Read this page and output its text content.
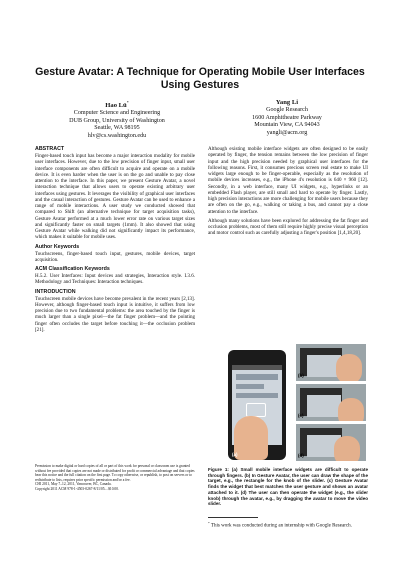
Gesture Avatar: A Technique for Operating Mobile User Interfaces Using Gestures
Hao Lü*
Computer Science and Engineering
DUB Group, University of Washington
Seattle, WA 98195
hlv@cs.washington.edu
Yang Li
Google Research
1600 Amphitheatre Parkway
Mountain View, CA 94043
yangli@acm.org
ABSTRACT

Finger-based touch input has become a major interaction modality for mobile user interfaces. However, due to the low precision of finger input, small user interface components are often difficult to acquire and operate on a mobile device. It is even harder when the user is on the go and unable to pay close attention to the interface. In this paper, we present Gesture Avatar, a novel interaction technique that allows users to operate existing arbitrary user interfaces using gestures. It leverages the visibility of graphical user interfaces and the casual interaction of gestures. Gesture Avatar can be used to enhance a range of mobile interactions. A user study we conducted showed that compared to Shift (an alternative technique for target acquisition tasks), Gesture Avatar performed at a much lower error rate on various target sizes and significantly faster on small targets (1mm). It also showed that using Gesture Avatar while walking did not significantly impact its performance, which makes it suitable for mobile uses.

Author Keywords

Touchscreens, finger-based touch input, gestures, mobile devices, target acquisition.

ACM Classification Keywords

H.5.2. User Interfaces: Input devices and strategies, Interaction style. I.3.6. Methodology and Techniques: Interaction techniques.

INTRODUCTION

Touchscreen mobile devices have become prevalent in the recent years [2,13]. However, although finger-based touch input is intuitive, it suffers from low precision due to two fundamental problems: the area touched by the finger is much larger than a single pixel—the fat finger problem—and the pointing finger often occludes the target before touching it—the occlusion problem [21].

Permission to make digital or hard copies of all or part of this work for personal or classroom use is granted without fee provided that copies are not made or distributed for profit or commercial advantage and that copies bear this notice and the full citation on the first page. To copy otherwise, or republish, to post on servers or to redistribute to lists, requires prior specific permission and/or a fee.
CHI 2011, May 7–12, 2011, Vancouver, BC, Canada.
Copyright 2011 ACM 978-1-4503-0267-8/11/05....$10.00.

Although existing mobile interface widgets are often designed to be easily operated by finger, the tension remains between the low precision of finger input and the high precision needed by graphical user interfaces for the following reasons. First, it consumes precious screen real estate to make UI widgets large enough to be finger-operable, especially as the resolution of mobile devices increases, e.g., the iPhone 4's resolution is 640 × 960 [12]. Secondly, in a web interface, many UI widgets, e.g., hyperlinks or an embedded Flash player, are still small and hard to operate by finger. Lastly, high precision interactions are more challenging for mobile users because they are often on the go, e.g., walking or taking a bus, and cannot pay a close attention to the interface.

Although many solutions have been explored for addressing the fat finger and occlusion problems, most of them still require highly precise visual perception and motor control such as carefully adjusting a finger's position [1,4,18,20].

(a)
(b)
(c)
(d)
Figure 1: (a) Small mobile interface widgets are difficult to operate through fingers. (b) In Gesture Avatar, the user can draw the shape of the target, e.g., the rectangle for the knob of the slider. (c) Gesture Avatar finds the widget that best matches the user gesture and shows an avatar attached to it. (d) The user can then operate the widget (e.g., the slider knob) through the avatar, e.g., by dragging the avatar to move the video slider.
* This work was conducted during an internship with Google Research.
